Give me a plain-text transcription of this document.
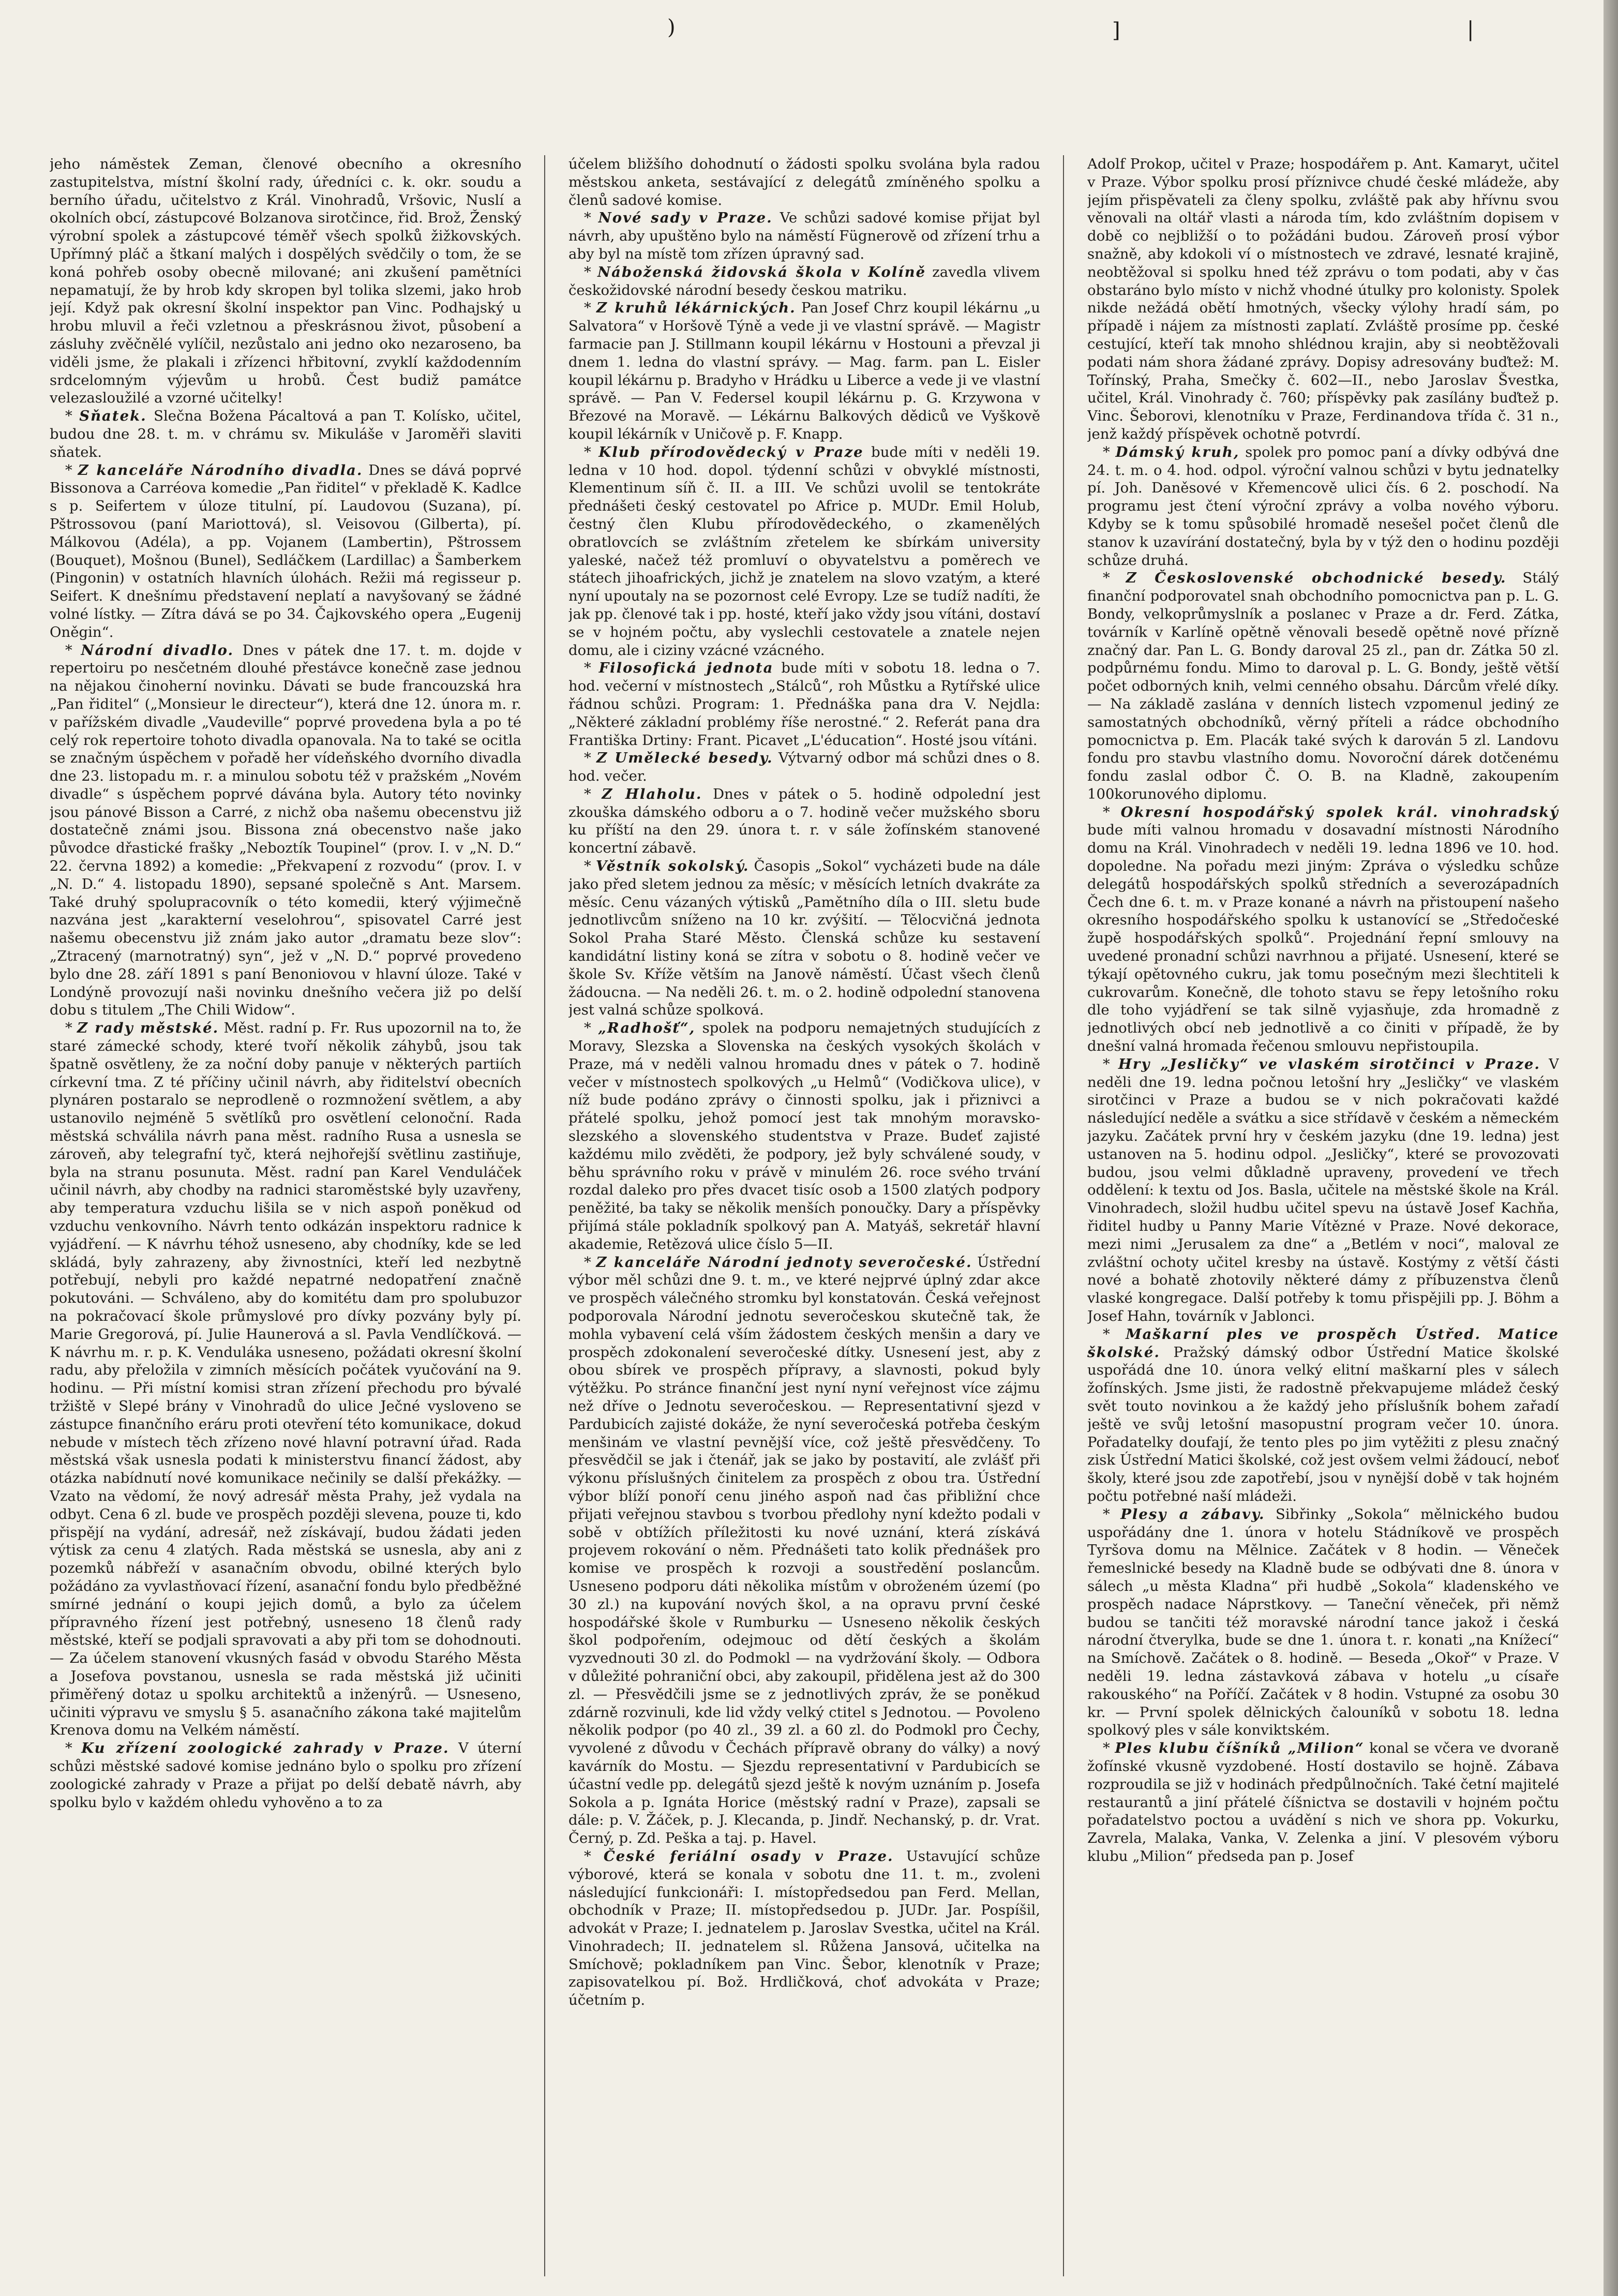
)	]	|

jeho náměstek Zeman, členové obecního a okresního zastupitelstva, místní školní rady, úředníci c. k. okr. soudu a berního úřadu, učitelstvo z Král. Vinohradů, Vršovic, Nuslí a okolních obcí, zástupcové Bolzanova sirotčince, řid. Brož, Ženský výrobní spolek a zástupcové téměř všech spolků žižkovských. Upřímný pláč a štkaní malých i dospělých svědčily o tom, že se koná pohřeb osoby obecně milované; ani zkušení pamětníci nepamatují, že by hrob kdy skropen byl tolika slzemi, jako hrob její. Když pak okresní školní inspektor pan Vinc. Podhajský u hrobu mluvil a řeči vzletnou a přeskrásnou život, působení a zásluhy zvěčnělé vylíčil, nezůstalo ani jedno oko nezaroseno, ba viděli jsme, že plakali i zřízenci hřbitovní, zvyklí každodenním srdcelomným výjevům u hrobů. Čest budiž památce velezasloužilé a vzorné učitelky!

* Sňatek. Slečna Božena Pácaltová a pan T. Kolísko, učitel, budou dne 28. t. m. v chrámu sv. Mikuláše v Jaroměři slaviti sňatek.

* Z kanceláře Národního divadla. Dnes se dává poprvé Bissonova a Carréova komedie „Pan řiditel“ v překladě K. Kadlce s p. Seifertem v úloze titulní, pí. Laudovou (Suzana), pí. Pštrossovou (paní Mariottová), sl. Veisovou (Gilberta), pí. Málkovou (Adéla), a pp. Vojanem (Lambertin), Pštrossem (Bouquet), Mošnou (Bunel), Sedláčkem (Lardillac) a Šamberkem (Pingonin) v ostatních hlavních úlohách. Režii má regisseur p. Seifert. K dnešnímu představení neplatí a navyšovaný se žádné volné lístky. — Zítra dává se po 34. Čajkovského opera „Eugenij Oněgin“.

* Národní divadlo. Dnes v pátek dne 17. t. m. dojde v repertoiru po nesčetném dlouhé přestávce konečně zase jednou na nějakou činoherní novinku. Dávati se bude francouzská hra „Pan řiditel“ („Monsieur le directeur“), která dne 12. února m. r. v pařížském divadle „Vaudeville“ poprvé provedena byla a po té celý rok repertoire tohoto divadla opanovala. Na to také se ocitla se značným úspěchem v pořadě her vídeňského dvorního divadla dne 23. listopadu m. r. a minulou sobotu též v pražském „Novém divadle“ s úspěchem poprvé dávána byla. Autory této novinky jsou pánové Bisson a Carré, z nichž oba našemu obecenstvu již dostatečně známi jsou. Bissona zná obecenstvo naše jako původce dřastické frašky „Neboztík Toupinel“ (prov. I. v „N. D.“ 22. června 1892) a komedie: „Překvapení z rozvodu“ (prov. I. v „N. D.“ 4. listopadu 1890), sepsané společně s Ant. Marsem. Také druhý spolupracovník o této komedii, který výjimečně nazvána jest „karakterní veselohrou“, spisovatel Carré jest našemu obecenstvu již znám jako autor „dramatu beze slov“: „Ztracený (marnotratný) syn“, jež v „N. D.“ poprvé provedeno bylo dne 28. září 1891 s paní Benoniovou v hlavní úloze. Také v Londýně provozují naši novinku dnešního večera již po delší dobu s titulem „The Chili Widow“.

* Z rady městské. Měst. radní p. Fr. Rus upozornil na to, že staré zámecké schody, které tvoří několik záhybů, jsou tak špatně osvětleny, že za noční doby panuje v některých partiích církevní tma. Z té příčiny učinil návrh, aby řiditelství obecních plynáren postaralo se neprodleně o rozmnožení světlem, a aby ustanovilo nejméně 5 světlíků pro osvětlení celonoční. Rada městská schválila návrh pana měst. radního Rusa a usnesla se zároveň, aby telegrafní tyč, která nejhořejší světlinu zastiňuje, byla na stranu posunuta. Měst. radní pan Karel Venduláček učinil návrh, aby chodby na radnici staroměstské byly uzavřeny, aby temperatura vzduchu lišila se v nich aspoň poněkud od vzduchu venkovního. Návrh tento odkázán inspektoru radnice k vyjádření. — K návrhu téhož usneseno, aby chodníky, kde se led skládá, byly zahrazeny, aby živnostníci, kteří led nezbytně potřebují, nebyli pro každé nepatrné nedopatření značně pokutováni. — Schváleno, aby do komitétu dam pro spolubuzor na pokračovací škole průmyslové pro dívky pozvány byly pí. Marie Gregorová, pí. Julie Haunerová a sl. Pavla Vendlíčková. — K návrhu m. r. p. K. Venduláka usneseno, požádati okresní školní radu, aby přeložila v zimních měsících počátek vyučování na 9. hodinu. — Při místní komisi stran zřízení přechodu pro bývalé tržiště v Slepé brány v Vinohradů do ulice Ječné vysloveno se zástupce finančního eráru proti otevření této komunikace, dokud nebude v místech těch zřízeno nové hlavní potravní úřad. Rada městská však usnesla podati k ministerstvu financí žádost, aby otázka nabídnutí nové komunikace nečinily se další překážky. — Vzato na vědomí, že nový adresář města Prahy, jež vydala na odbyt. Cena 6 zl. bude ve prospěch později slevena, pouze ti, kdo přispějí na vydání, adresář, než získávají, budou žádati jeden výtisk za cenu 4 zlatých. Rada městská se usnesla, aby ani z pozemků nábřeží v asanačním obvodu, obilné kterých bylo požádáno za vyvlastňovací řízení, asanační fondu bylo předběžné smírné jednání o koupi jejich domů, a bylo za účelem přípravného řízení jest potřebný, usneseno 18 členů rady městské, kteří se podjali spravovati a aby při tom se dohodnouti. — Za účelem stanovení vkusných fasád v obvodu Starého Města a Josefova povstanou, usnesla se rada městská již učiniti přiměřený dotaz u spolku architektů a inženýrů. — Usneseno, učiniti výpravu ve smyslu § 5. asanačního zákona také majitelům Krenova domu na Velkém náměstí.

* Ku zřízení zoologické zahrady v Praze. V úterní schůzi městské sadové komise jednáno bylo o spolku pro zřízení zoologické zahrady v Praze a přijat po delší debatě návrh, aby spolku bylo v každém ohledu vyhověno a to za

účelem bližšího dohodnutí o žádosti spolku svolána byla radou městskou anketa, sestávající z delegátů zmíněného spolku a členů sadové komise.

* Nové sady v Praze. Ve schůzi sadové komise přijat byl návrh, aby upuštěno bylo na náměstí Fügnerově od zřízení trhu a aby byl na místě tom zřízen úpravný sad.

* Náboženská židovská škola v Kolíně zavedla vlivem českožidovské národní besedy českou matriku.

* Z kruhů lékárnických. Pan Josef Chrz koupil lékárnu „u Salvatora“ v Horšově Týně a vede ji ve vlastní správě. — Magistr farmacie pan J. Stillmann koupil lékárnu v Hostouni a převzal ji dnem 1. ledna do vlastní správy. — Mag. farm. pan L. Eisler koupil lékárnu p. Bradyho v Hrádku u Liberce a vede ji ve vlastní správě. — Pan V. Federsel koupil lékárnu p. G. Krzywona v Březové na Moravě. — Lékárnu Balkových dědiců ve Vyškově koupil lékárník v Uničově p. F. Knapp.

* Klub přírodovědecký v Praze bude míti v neděli 19. ledna v 10 hod. dopol. týdenní schůzi v obvyklé místnosti, Klementinum síň č. II. a III. Ve schůzi uvolil se tentokráte přednášeti český cestovatel po Africe p. MUDr. Emil Holub, čestný člen Klubu přírodovědeckého, o zkamenělých obratlovcích se zvláštním zřetelem ke sbírkám university yaleské, načež též promluví o obyvatelstvu a poměrech ve státech jihoafrických, jichž je znatelem na slovo vzatým, a které nyní upoutaly na se pozornost celé Evropy. Lze se tudíž nadíti, že jak pp. členové tak i pp. hosté, kteří jako vždy jsou vítáni, dostaví se v hojném počtu, aby vyslechli cestovatele a znatele nejen domu, ale i ciziny vzácné vzácného.

* Filosofická jednota bude míti v sobotu 18. ledna o 7. hod. večerní v místnostech „Stálců“, roh Můstku a Rytířské ulice řádnou schůzi. Program: 1. Přednáška pana dra V. Nejdla: „Některé základní problémy říše nerostné.“ 2. Referát pana dra Františka Drtiny: Frant. Picavet „L'éducation“. Hosté jsou vítáni.

* Z Umělecké besedy. Výtvarný odbor má schůzi dnes o 8. hod. večer.

* Z Hlaholu. Dnes v pátek o 5. hodině odpolední jest zkouška dámského odboru a o 7. hodině večer mužského sboru ku příští na den 29. února t. r. v sále žofínském stanovené koncertní zábavě.

* Věstník sokolský. Časopis „Sokol“ vycházeti bude na dále jako před sletem jednou za měsíc; v měsících letních dvakráte za měsíc. Cenu vázaných výtisků „Pamětního díla o III. sletu bude jednotlivcům sníženo na 10 kr. zvýšití. — Tělocvičná jednota Sokol Praha Staré Město. Členská schůze ku sestavení kandidátní listiny koná se zítra v sobotu o 8. hodině večer ve škole Sv. Kříže větším na Janově náměstí. Účast všech členů žádoucna. — Na neděli 26. t. m. o 2. hodině odpolední stanovena jest valná schůze spolková.

* „Radhošť“, spolek na podporu nemajetných studujících z Moravy, Slezska a Slovenska na českých vysokých školách v Praze, má v neděli valnou hromadu dnes v pátek o 7. hodině večer v místnostech spolkových „u Helmů“ (Vodičkova ulice), v níž bude podáno zprávy o činnosti spolku, jak i přiznivci a přátelé spolku, jehož pomocí jest tak mnohým moravsko-slezského a slovenského studentstva v Praze. Budeť zajisté každému milo zvěděti, že podpory, jež byly schválené soudy, v běhu správního roku v právě v minulém 26. roce svého trvání rozdal daleko pro přes dvacet tisíc osob a 1500 zlatých podpory peněžité, ba taky se několik menších ponoučky. Dary a příspěvky přijímá stále pokladník spolkový pan A. Matyáš, sekretář hlavní akademie, Retězová ulice číslo 5—II.

* Z kanceláře Národní jednoty severočeské. Ústřední výbor měl schůzi dne 9. t. m., ve které nejprvé úplný zdar akce ve prospěch válečného stromku byl konstatován. Česká veřejnost podporovala Národní jednotu severočeskou skutečně tak, že mohla vybavení celá vším žádostem českých menšin a dary ve prospěch zdokonalení severočeské dítky. Usnesení jest, aby z obou sbírek ve prospěch přípravy, a slavnosti, pokud byly výtěžku. Po stránce finanční jest nyní nyní veřejnost více zájmu než dříve o Jednotu severočeskou. — Representativní sjezd v Pardubicích zajisté dokáže, že nyní severočeská potřeba českým menšinám ve vlastní pevnější více, což ještě přesvědčeny. To přesvědčil se jak i čtenář, jak se jako by postavití, ale zvlášť při výkonu příslušných činitelem za prospěch z obou tra. Ústřední výbor blíží ponoří cenu jiného aspoň nad čas přibližní chce přijati veřejnou stavbou s tvorbou předlohy nyní kdežto podali v sobě v obtížích příležitosti ku nové uznání, která získává projevem rokování o něm. Přednášeti tato kolik přednášek pro komise ve prospěch k rozvoji a soustředění poslancům. Usneseno podporu dáti několika místům v obroženém území (po 30 zl.) na kupování nových škol, a na opravu první české hospodářské škole v Rumburku — Usneseno několik českých škol podpořením, odejmouc od dětí českých a školám vyzvednouti 30 zl. do Podmokl — na vydržování školy. — Odbora v důležité pohraniční obci, aby zakoupil, přidělena jest až do 300 zl. — Přesvědčili jsme se z jednotlivých zpráv, že se poněkud zdárně rozvinuli, kde lid vždy velký ctitel s Jednotou. — Povoleno několik podpor (po 40 zl., 39 zl. a 60 zl. do Podmokl pro Čechy, vyvolené z důvodu v Čechách přípravě obrany do války) a nový kavárník do Mostu. — Sjezdu representativní v Pardubicích se účastní vedle pp. delegátů sjezd ještě k novým uznáním p. Josefa Sokola a p. Ignáta Horice (městský radní v Praze), zapsali se dále: p. V. Žáček, p. J. Klecanda, p. Jindř. Nechanský, p. dr. Vrat. Černý, p. Zd. Peška a taj. p. Havel.

* České feriální osady v Praze. Ustavující schůze výborové, která se konala v sobotu dne 11. t. m., zvoleni následující funkcionáři: I. místopředsedou pan Ferd. Mellan, obchodník v Praze; II. místopředsedou p. JUDr. Jar. Pospíšil, advokát v Praze; I. jednatelem p. Jaroslav Svestka, učitel na Král. Vinohradech; II. jednatelem sl. Růžena Jansová, učitelka na Smíchově; pokladníkem pan Vinc. Šebor, klenotník v Praze; zapisovatelkou pí. Bož. Hrdličková, choť advokáta v Praze; účetním p.

Adolf Prokop, učitel v Praze; hospodářem p. Ant. Kamaryt, učitel v Praze. Výbor spolku prosí příznivce chudé české mládeže, aby jejím přispěvateli za členy spolku, zvláště pak aby hřívnu svou věnovali na oltář vlasti a národa tím, kdo zvláštním dopisem v době co nejbližší o to požádáni budou. Zároveň prosí výbor snažně, aby kdokoli ví o místnostech ve zdravé, lesnaté krajině, neobtěžoval si spolku hned též zprávu o tom podati, aby v čas obstaráno bylo místo v nichž vhodné útulky pro kolonisty. Spolek nikde nežádá obětí hmotných, všecky výlohy hradí sám, po případě i nájem za místnosti zaplatí. Zvláště prosíme pp. české cestující, kteří tak mnoho shlédnou krajin, aby si neobtěžovali podati nám shora žádané zprávy. Dopisy adresovány buďtež: M. Tořínský, Praha, Smečky č. 602—II., nebo Jaroslav Švestka, učitel, Král. Vinohrady č. 760; příspěvky pak zasílány buďtež p. Vinc. Šeborovi, klenotníku v Praze, Ferdinandova třída č. 31 n., jenž každý příspěvek ochotně potvrdí.

* Dámský kruh, spolek pro pomoc paní a dívky odbývá dne 24. t. m. o 4. hod. odpol. výroční valnou schůzi v bytu jednatelky pí. Joh. Daněsové v Křemencově ulici čís. 6 2. poschodí. Na programu jest čtení výroční zprávy a volba nového výboru. Kdyby se k tomu spůsobilé hromadě nesešel počet členů dle stanov k uzavírání dostatečný, byla by v týž den o hodinu později schůze druhá.

* Z Československé obchodnické besedy. Stálý finanční podporovatel snah obchodního pomocnictva pan p. L. G. Bondy, velkoprůmyslník a poslanec v Praze a dr. Ferd. Zátka, továrník v Karlíně opětně věnovali besedě opětně nové přízně značný dar. Pan L. G. Bondy daroval 25 zl., pan dr. Zátka 50 zl. podpůrnému fondu. Mimo to daroval p. L. G. Bondy, ještě větší počet odborných knih, velmi cenného obsahu. Dárcům vřelé díky. — Na základě zaslána v denních listech vzpomenul jediný ze samostatných obchodníků, věrný příteli a rádce obchodního pomocnictva p. Em. Placák také svých k darován 5 zl. Landovu fondu pro stavbu vlastního domu. Novoroční dárek dotčenému fondu zaslal odbor Č. O. B. na Kladně, zakoupením 100korunového diplomu.

* Okresní hospodářský spolek král. vinohradský bude míti valnou hromadu v dosavadní místnosti Národního domu na Král. Vinohradech v neděli 19. ledna 1896 ve 10. hod. dopoledne. Na pořadu mezi jiným: Zpráva o výsledku schůze delegátů hospodářských spolků středních a severozápadních Čech dne 6. t. m. v Praze konané a návrh na přistoupení našeho okresního hospodářského spolku k ustanovící se „Středočeské župě hospodářských spolků“. Projednání řepní smlouvy na uvedené pronadní schůzi navrhnou a přijaté. Usnesení, které se týkají opětovného cukru, jak tomu posečným mezi šlechtiteli k cukrovarům. Konečně, dle tohoto stavu se řepy letošního roku dle toho vyjádření se tak silně vyjasňuje, zda hromadně z jednotlivých obcí neb jednotlivě a co činiti v případě, že by dnešní valná hromada řečenou smlouvu nepřistoupila.

* Hry „Jesličky“ ve vlaském sirotčinci v Praze. V neděli dne 19. ledna počnou letošní hry „Jesličky“ ve vlaském sirotčinci v Praze a budou se v nich pokračovati každé následující neděle a svátku a sice střídavě v českém a německém jazyku. Začátek první hry v českém jazyku (dne 19. ledna) jest ustanoven na 5. hodinu odpol. „Jesličky“, které se provozovati budou, jsou velmi důkladně upraveny, provedení ve třech oddělení: k textu od Jos. Basla, učitele na městské škole na Král. Vinohradech, složil hudbu učitel spevu na ústavě Josef Kachňa, řiditel hudby u Panny Marie Vítězné v Praze. Nové dekorace, mezi nimi „Jerusalem za dne“ a „Betlém v noci“, maloval ze zvláštní ochoty učitel kresby na ústavě. Kostýmy z větší části nové a bohatě zhotovily některé dámy z příbuzenstva členů vlaské kongregace. Další potřeby k tomu přispějili pp. J. Böhm a Josef Hahn, továrník v Jablonci.

* Maškarní ples ve prospěch Ústřed. Matice školské. Pražský dámský odbor Ústřední Matice školské uspořádá dne 10. února velký elitní maškarní ples v sálech žofínských. Jsme jisti, že radostně překvapujeme mládež český svět touto novinkou a že každý jeho příslušník bohem zařadí ještě ve svůj letošní masopustní program večer 10. února. Pořadatelky doufají, že tento ples po jim vytěžiti z plesu značný zisk Ústřední Matici školské, což jest ovšem velmi žádoucí, neboť školy, které jsou zde zapotřebí, jsou v nynější době v tak hojném počtu potřebné naší mládeži.

* Plesy a zábavy. Sibřinky „Sokola“ mělnického budou uspořádány dne 1. února v hotelu Stádníkově ve prospěch Tyršova domu na Mělnice. Začátek v 8 hodin. — Věneček řemeslnické besedy na Kladně bude se odbývati dne 8. února v sálech „u města Kladna“ při hudbě „Sokola“ kladenského ve prospěch nadace Náprstkovy. — Taneční věneček, při němž budou se tančiti též moravské národní tance jakož i česká národní čtverylka, bude se dne 1. února t. r. konati „na Knížecí“ na Smíchově. Začátek o 8. hodině. — Beseda „Okoř“ v Praze. V neděli 19. ledna zástavková zábava v hotelu „u císaře rakouského“ na Poříčí. Začátek v 8 hodin. Vstupné za osobu 30 kr. — První spolek dělnických čalouníků v sobotu 18. ledna spolkový ples v sále konviktském.

* Ples klubu číšníků „Milion“ konal se včera ve dvoraně žofínské vkusně vyzdobené. Hostí dostavilo se hojně. Zábava rozproudila se již v hodinách předpůlnočních. Také četní majitelé restaurantů a jiní přátelé číšnictva se dostavili v hojném počtu pořadatelstvo poctou a uvádění s nich ve shora pp. Vokurku, Zavrela, Malaka, Vanka, V. Zelenka a jiní. V plesovém výboru klubu „Milion“ předseda pan p. Josef
